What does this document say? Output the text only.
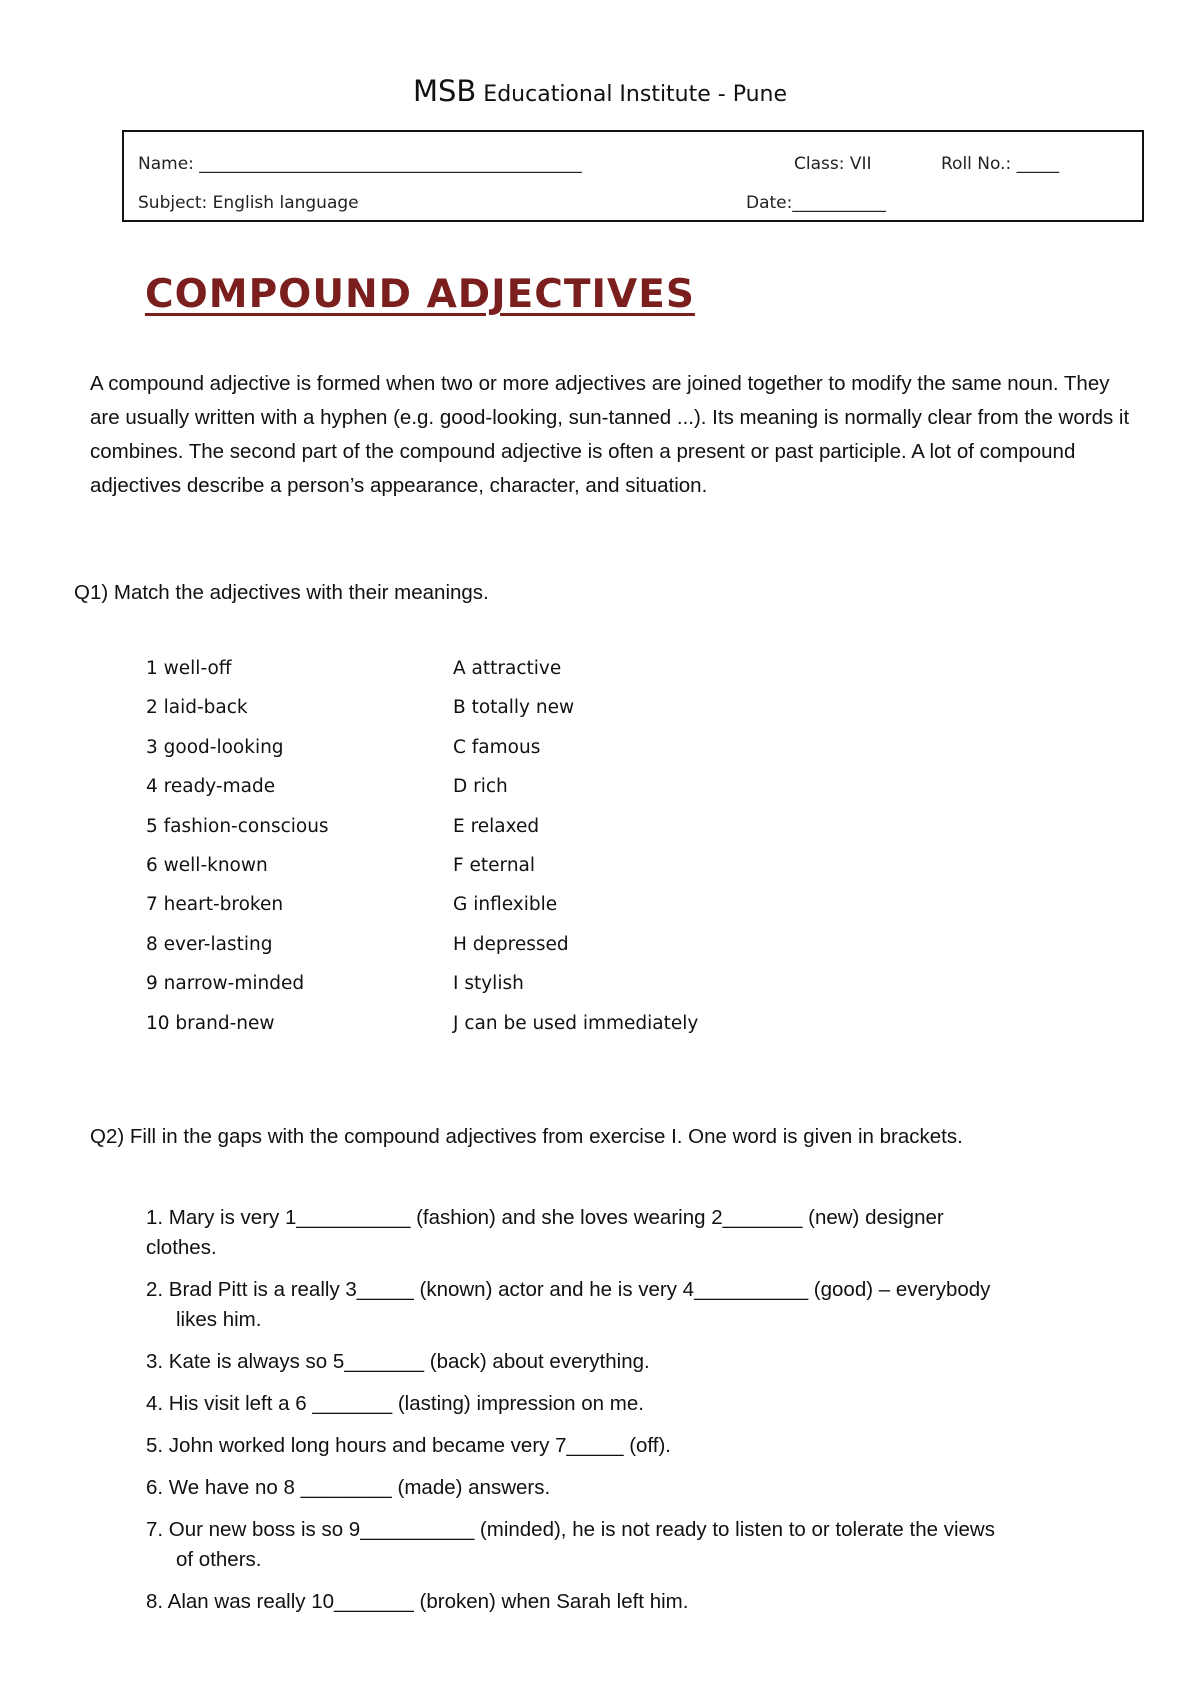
MSB Educational Institute - Pune
Name: _____________________________________________	Class: VII	Roll No.: _____
Subject: English language	Date:___________
COMPOUND ADJECTIVES
A compound adjective is formed when two or more adjectives are joined together to modify the same noun. They are usually written with a hyphen (e.g. good-looking, sun-tanned ...). Its meaning is normally clear from the words it combines. The second part of the compound adjective is often a present or past participle. A lot of compound adjectives describe a person’s appearance, character, and situation.
Q1) Match the adjectives with their meanings.
1 well-off	A attractive
2 laid-back	B totally new
3 good-looking	C famous
4 ready-made	D rich
5 fashion-conscious	E relaxed
6 well-known	F eternal
7 heart-broken	G inflexible
8 ever-lasting	H depressed
9 narrow-minded	I stylish
10 brand-new	J can be used immediately
Q2) Fill in the gaps with the compound adjectives from exercise I. One word is given in brackets.
1. Mary is very 1__________ (fashion) and she loves wearing 2_______ (new) designer
clothes.
2. Brad Pitt is a really 3_____ (known) actor and he is very 4__________ (good) – everybody
likes him.
3. Kate is always so 5_______ (back) about everything.
4. His visit left a 6 _______ (lasting) impression on me.
5. John worked long hours and became very 7_____ (off).
6. We have no 8 ________ (made) answers.
7. Our new boss is so 9__________ (minded), he is not ready to listen to or tolerate the views
of others.
8. Alan was really 10_______ (broken) when Sarah left him.
